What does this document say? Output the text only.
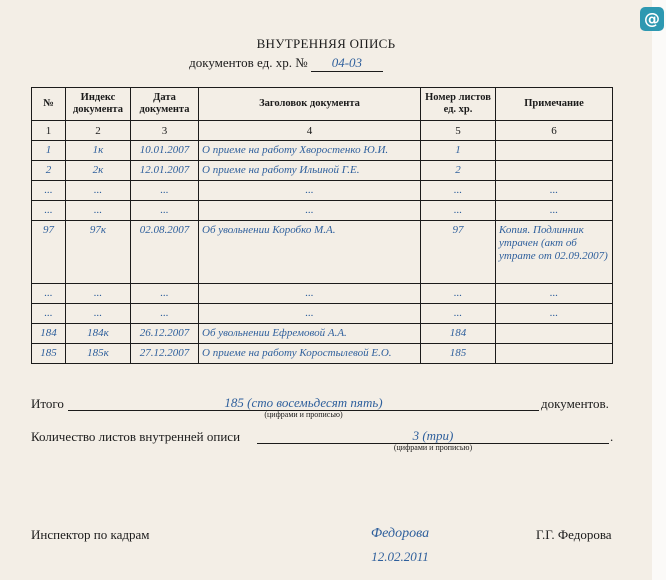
@
ВНУТРЕННЯЯ ОПИСЬ
документов ед. хр. № 04-03
№	Индекс документа	Дата документа	Заголовок документа	Номер листов ед. хр.	Примечание
1	2	3	4	5	6
1	1к	10.01.2007	О приеме на работу Хворостенко Ю.И.	1	
2	2к	12.01.2007	О приеме на работу Ильиной Г.Е.	2	
...	...	...	...	...	...
...	...	...	...	...	...
97	97к	02.08.2007	Об увольнении Коробко М.А.	97	Копия. Подлинник утрачен (акт об утрате от 02.09.2007)
...	...	...	...	...	...
...	...	...	...	...	...
184	184к	26.12.2007	Об увольнении Ефремовой А.А.	184	
185	185к	27.12.2007	О приеме на работу Коростылевой Е.О.	185	
Итого	185 (сто восемьдесят пять)	документов.
(цифрами и прописью)
Количество листов внутренней описи	3 (три)	.
(цифрами и прописью)
Инспектор по кадрам	Федорова
12.02.2011
Г.Г. Федорова
